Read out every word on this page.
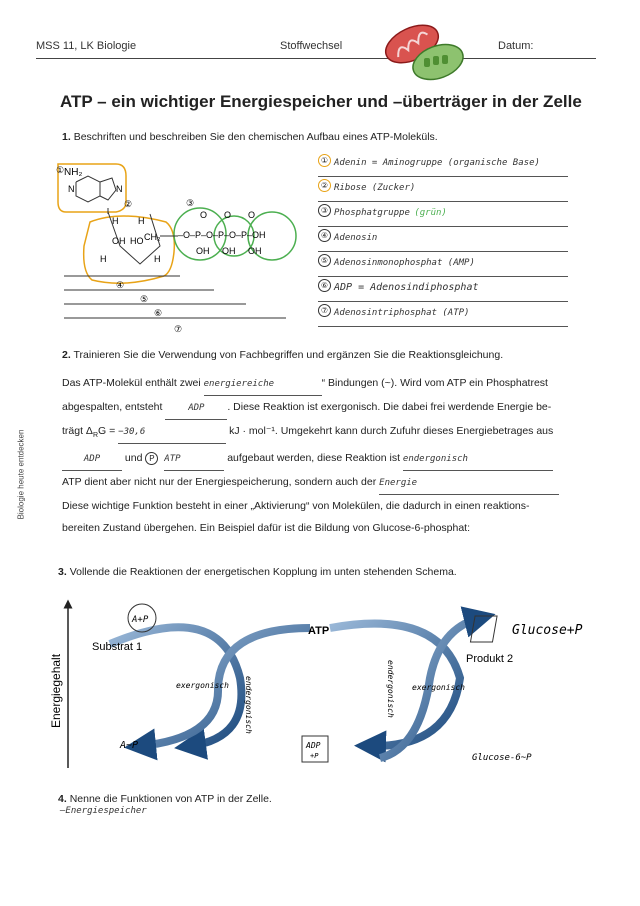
MSS 11, LK Biologie	Stoffwechsel	Datum:
Biologie heute entdecken
ATP – ein wichtiger Energiespeicher und –überträger in der Zelle
1. Beschriften und beschreiben Sie den chemischen Aufbau eines ATP-Moleküls.
NH₂
①
N	N
②
H H
OH HO
H	H
CH₂ –O–P–O–P–O–P–OH
③
O O O
OH OH OH
④
⑤
⑥
⑦
① Adenin = Aminogruppe (organische Base)
② Ribose (Zucker)
③ Phosphatgruppe (grün)
④ Adenosin
⑤ Adenosinmonophosphat (AMP)
⑥ ADP = Adenosindiphosphat
⑦ Adenosintriphosphat (ATP)
2. Trainieren Sie die Verwendung von Fachbegriffen und ergänzen Sie die Reaktionsgleichung.
Das ATP-Molekül enthält zwei energiereiche	“ Bindungen (~). Wird vom ATP ein Phosphatrest
abgespalten, entsteht	ADP . Diese Reaktion ist exergonisch. Die dabei frei werdende Energie be-
trägt $\Delta_RG = -30,6$	kJ · mol⁻¹. Umgekehrt kann durch Zufuhr dieses Energiebetrages aus
ADP und P ATP	aufgebaut werden, diese Reaktion ist endergonisch
ATP dient aber nicht nur der Energiespeicherung, sondern auch der Energie
Diese wichtige Funktion besteht in einer „Aktivierung“ von Molekülen, die dadurch in einen reaktions-
bereiten Zustand übergehen. Ein Beispiel dafür ist die Bildung von Glucose-6-phosphat:
3. Vollende die Reaktionen der energetischen Kopplung im unten stehenden Schema.
Energiegehalt
Substrat 1
ATP
Produkt 2
A+P
Glucose+P
A~P
Glucose-6~P
ADP
+P
exergonisch endergonisch	endergonisch exergonisch
4. Nenne die Funktionen von ATP in der Zelle.
–Energiespeicher
